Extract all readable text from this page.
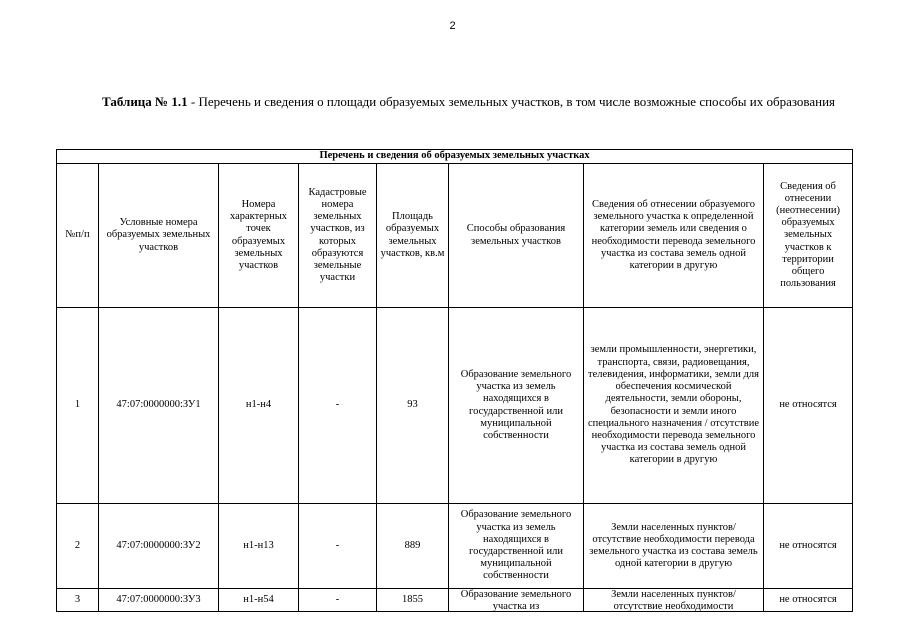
2
Таблица № 1.1 - Перечень и сведения о площади образуемых земельных участков, в том числе возможные способы их образования
Перечень и сведения об образуемых земельных участках							
№п/п	Условные номера образуемых земельных участков	Номера характерных точек образуемых земельных участков	Кадастровые номера земельных участков, из которых образуются земельные участки	Площадь образуемых земельных участков, кв.м	Способы образования земельных участков	Сведения об отнесении образуемого земельного участка к определенной категории земель или сведения о необходимости перевода земельного участка из состава земель одной категории в другую	Сведения об отнесении (неотнесении) образуемых земельных участков к территории общего пользования
1	47:07:0000000:ЗУ1	н1-н4	-	93	Образование земельного участка из земель находящихся в государственной или муниципальной собственности	земли промышленности, энергетики, транспорта, связи, радиовещания, телевидения, информатики, земли для обеспечения космической деятельности, земли обороны, безопасности и земли иного специального назначения / отсутствие необходимости перевода земельного участка из состава земель одной категории в другую	не относятся
2	47:07:0000000:ЗУ2	н1-н13	-	889	Образование земельного участка из земель находящихся в государственной или муниципальной собственности	Земли населенных пунктов/ отсутствие необходимости перевода земельного участка из состава земель одной категории в другую	не относятся
3	47:07:0000000:ЗУ3	н1-н54	-	1855	Образование земельного участка из	Земли населенных пунктов/ отсутствие необходимости	не относятся
